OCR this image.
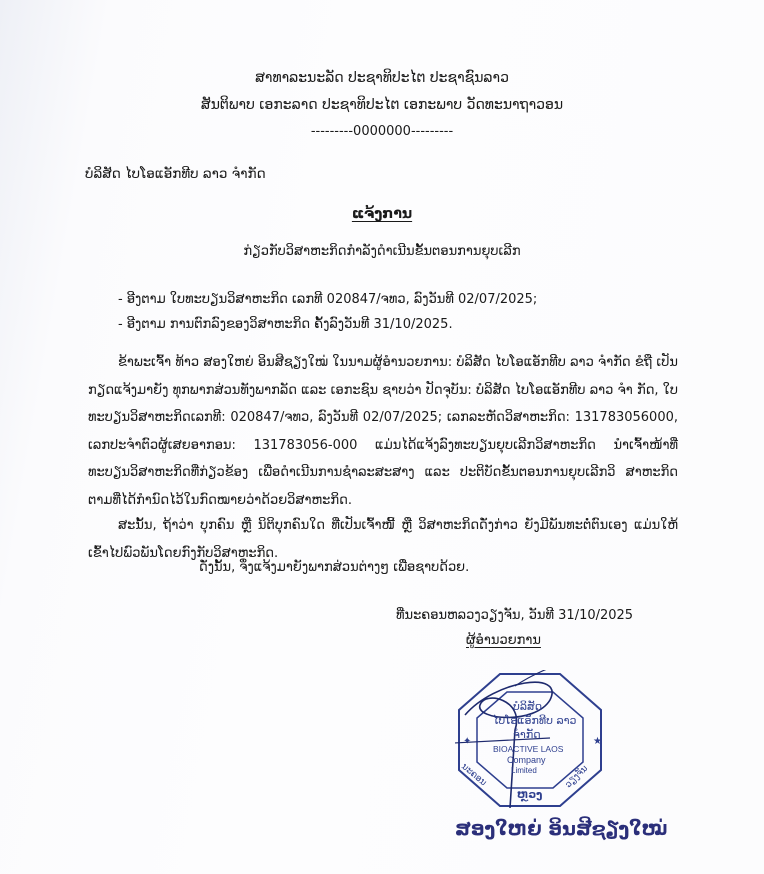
ສາທາລະນະລັດ ປະຊາທິປະໄຕ ປະຊາຊົນລາວ
ສັນຕິພາບ ເອກະລາດ ປະຊາທິປະໄຕ ເອກະພາບ ວັດທະນາຖາວອນ
---------0000000---------
ບໍລິສັດ ໄບໂອແອັກທີບ ລາວ ຈຳກັດ
ແຈ້ງການ
ກ່ຽວກັບວິສາຫະກິດກຳລັງດຳເນີນຂັ້ນຕອນການຍຸບເລີກ
- ອີງຕາມ ໃບທະບຽນວິສາຫະກິດ ເລກທີ 020847/ຈທວ, ລົງວັນທີ 02/07/2025;
- ອີງຕາມ ການຕົກລົງຂອງວິສາຫະກິດ ຄັ້ງລົງວັນທີ 31/10/2025.
ຂ້າພະເຈົ້າ ທ້າວ ສອງໃຫຍ່ ອິນສີຊຽງໃໝ່ ໃນນາມຜູ້ອຳນວຍການ: ບໍລິສັດ ໄບໂອແອັກທີບ ລາວ ຈຳກັດ ຂໍຖື ເປັນກຽດແຈ້ງມາຍັງ ທຸກພາກສ່ວນທັງພາກລັດ ແລະ ເອກະຊົນ ຊາບວ່າ ປັດຈຸບັນ: ບໍລິສັດ ໄບໂອແອັກທີບ ລາວ ຈຳ ກັດ, ໃບທະບຽນວິສາຫະກິດເລກທີ: 020847/ຈທວ, ລົງວັນທີ 02/07/2025; ເລກລະຫັດວິສາຫະກິດ: 131783056000, ເລກປະຈຳຕົວຜູ້ເສຍອາກອນ: 131783056-000 ແມ່ນໄດ້ແຈ້ງລົງທະບຽນຍຸບເລີກວິສາຫະກິດ ນຳເຈົ້າໜ້າທີ່ທະບຽນວິສາຫະກິດທີ່ກ່ຽວຂ້ອງ ເພື່ອດຳເນີນການຊຳລະສະສາງ ແລະ ປະຕິບັດຂັ້ນຕອນການຍຸບເລີກວິ ສາຫະກິດ ຕາມທີ່ໄດ້ກຳນົດໄວ້ໃນກົດໝາຍວ່າດ້ວຍວິສາຫະກິດ.
ສະນັ້ນ, ຖ້າວ່າ ບຸກຄົນ ຫຼື ນິຕິບຸກຄົນໃດ ທີ່ເປັນເຈົ້າໜີ້ ຫຼື ວິສາຫະກິດດັ່ງກ່າວ ຍັງມີພັນທະຕໍ່ຕົນເອງ ແມ່ນໃຫ້ ເຂົ້າໄປພົວພັນໂດຍກົງກັບວິສາຫະກິດ.
ດັ່ງນັ້ນ, ຈຶ່ງແຈ້ງມາຍັງພາກສ່ວນຕ່າງໆ ເພື່ອຊາບດ້ວຍ.
ທີ່ນະຄອນຫລວງວຽງຈັນ, ວັນທີ 31/10/2025
ຜູ້ອຳນວຍການ
★
✦
ບໍລິສັດ
ໄບໂອແອັກທີບ ລາວ
ຈຳກັດ
BIOACTIVE LAOS
Company
Limited
ນະຄອນ
ຫຼວງ
ວຽງຈັນ
ສອງໃຫຍ່ ອິນສີຊຽງໃໝ່
